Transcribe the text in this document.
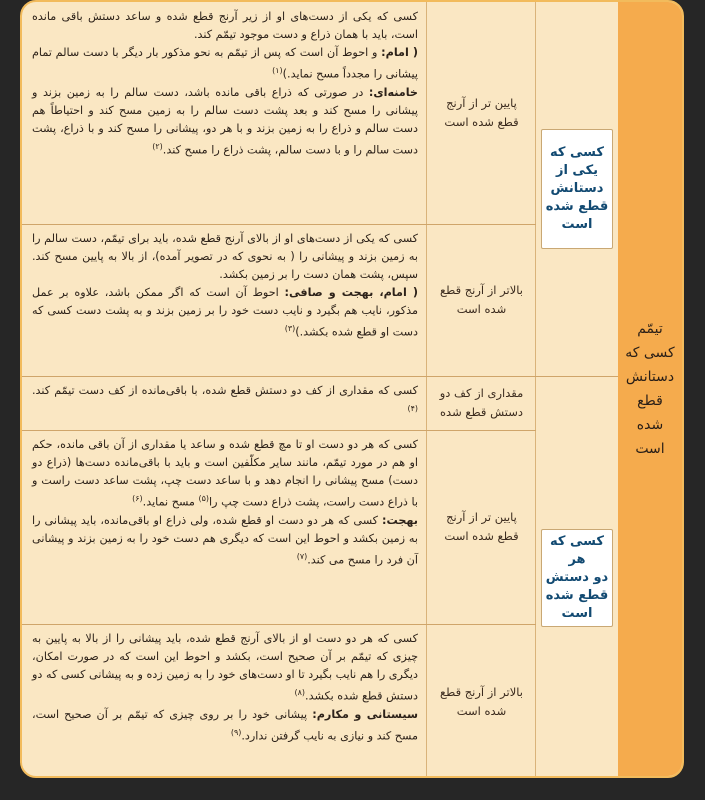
تیمّم
کسی که
دستانش
قطع
شده
است
کسی که
یکی از
دستانش
قطع شده
است
کسی که هر
دو دستش
قطع شده
است
پایین تر از آرنج
قطع شده است
بالاتر از آرنج قطع
شده است
مقداری از کف دو
دستش قطع شده
پایین تر از آرنج
قطع شده است
بالاتر از آرنج قطع
شده است

کسی که یکی از دست‌های او از زیر آرنج قطع شده و ساعد دستش باقی مانده است، باید با همان ذراع و دست موجود تیمّم کند.

( امام: و احوط آن است که پس از تیمّم به نحو مذکور بار دیگر با دست سالم تمام پیشانی را مجدداً مسح نماید.)$^{(۱)}$

خامنه‌ای: در صورتی که ذراع باقی مانده باشد، دست سالم را به زمین بزند و پیشانی را مسح کند و بعد پشت دست سالم را به زمین مسح کند و احتیاطاً هم دست سالم و ذراع را به زمین بزند و با هر دو، پیشانی را مسح کند و با ذراع، پشت دست سالم را و با دست سالم، پشت ذراع را مسح کند.$^{(۲)}$

کسی که یکی از دست‌های او از بالای آرنج قطع شده، باید برای تیمّم، دست سالم را به زمین بزند و پیشانی را ( به نحوی که در تصویر آمده)، از بالا به پایین مسح کند. سپس، پشت همان دست را بر زمین بکشد.

( امام، بهجت و صافی: احوط آن است که اگر ممکن باشد، علاوه بر عمل مذکور، نایب هم بگیرد و نایب دست خود را بر زمین بزند و به پشت دست کسی که دست او قطع شده بکشد.)$^{(۳)}$

کسی که مقداری از کف دو دستش قطع شده، با باقی‌مانده از کف دست تیمّم کند.$^{(۴)}$

کسی که هر دو دست او تا مچ قطع شده و ساعد یا مقداری از آن باقی مانده، حکم او هم در مورد تیمّم، مانند سایر مکلّفین است و باید با باقی‌مانده دست‌ها (ذراع دو دست) مسح پیشانی را انجام دهد و با ساعد دست چپ، پشت ساعد دست راست و با ذراع دست راست، پشت ذراع دست چپ را$^{(۵)}$ مسح نماید.$^{(۶)}$

بهجت: کسی که هر دو دست او قطع شده، ولی ذراع او باقی‌مانده، باید پیشانی را به زمین بکشد و احوط این است که دیگری هم دست خود را به زمین بزند و پیشانی آن فرد را مسح می کند.$^{(۷)}$

کسی که هر دو دست او از بالای آرنج قطع شده، باید پیشانی را از بالا به پایین به چیزی که تیمّم بر آن صحیح است، بکشد و احوط این است که در صورت امکان، دیگری را هم نایب بگیرد تا او دست‌های خود را به زمین زده و به پیشانی کسی که دو دستش قطع شده بکشد.$^{(۸)}$

سیستانی و مکارم: پیشانی خود را بر روی چیزی که تیمّم بر آن صحیح است، مسح کند و نیازی به نایب گرفتن ندارد.$^{(۹)}$
